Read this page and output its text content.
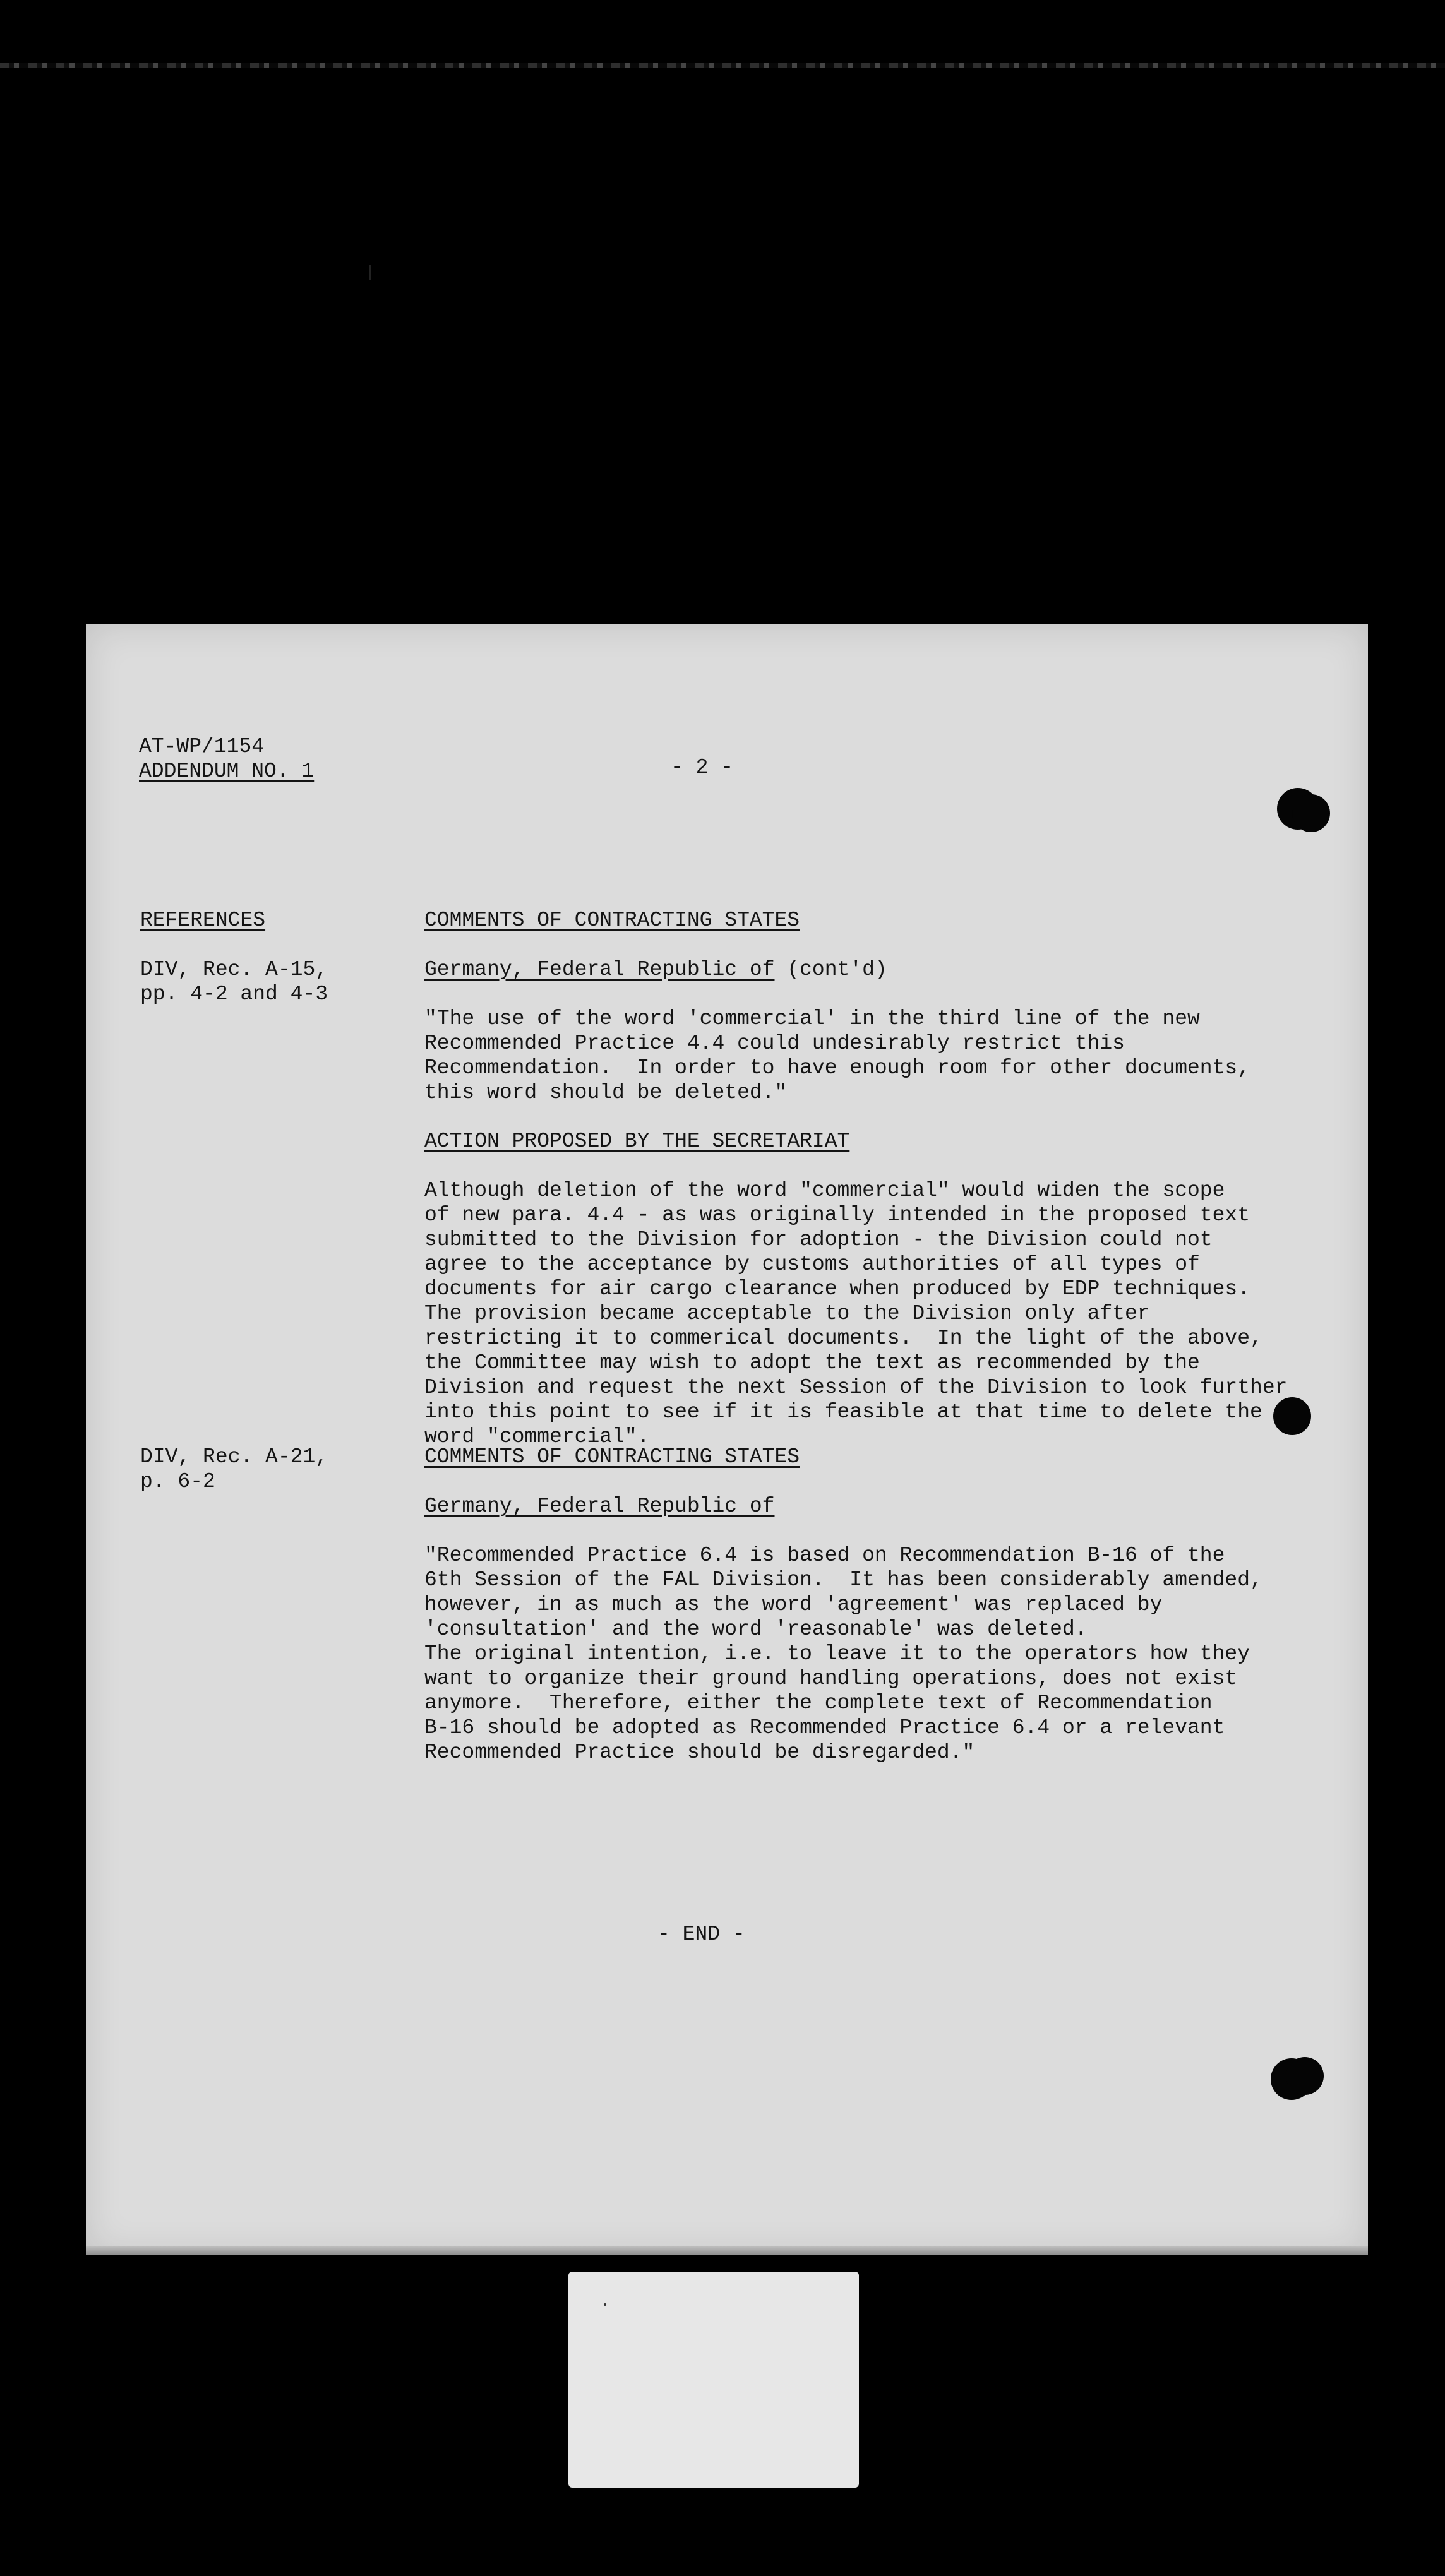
AT-WP/1154
ADDENDUM NO. 1	- 2 -
REFERENCES
DIV, Rec. A-15,
pp. 4-2 and 4-3
DIV, Rec. A-21,
p. 6-2
COMMENTS OF CONTRACTING STATES
Germany, Federal Republic of (cont'd)
"The use of the word 'commercial' in the third line of the new
Recommended Practice 4.4 could undesirably restrict this
Recommendation.  In order to have enough room for other documents,
this word should be deleted."
ACTION PROPOSED BY THE SECRETARIAT
Although deletion of the word "commercial" would widen the scope
of new para. 4.4 - as was originally intended in the proposed text
submitted to the Division for adoption - the Division could not
agree to the acceptance by customs authorities of all types of
documents for air cargo clearance when produced by EDP techniques.
The provision became acceptable to the Division only after
restricting it to commerical documents.  In the light of the above,
the Committee may wish to adopt the text as recommended by the
Division and request the next Session of the Division to look further
into this point to see if it is feasible at that time to delete the
word "commercial".
COMMENTS OF CONTRACTING STATES
Germany, Federal Republic of
"Recommended Practice 6.4 is based on Recommendation B-16 of the
6th Session of the FAL Division.  It has been considerably amended,
however, in as much as the word 'agreement' was replaced by
'consultation' and the word 'reasonable' was deleted.
The original intention, i.e. to leave it to the operators how they
want to organize their ground handling operations, does not exist
anymore.  Therefore, either the complete text of Recommendation
B-16 should be adopted as Recommended Practice 6.4 or a relevant
Recommended Practice should be disregarded."
- END -
